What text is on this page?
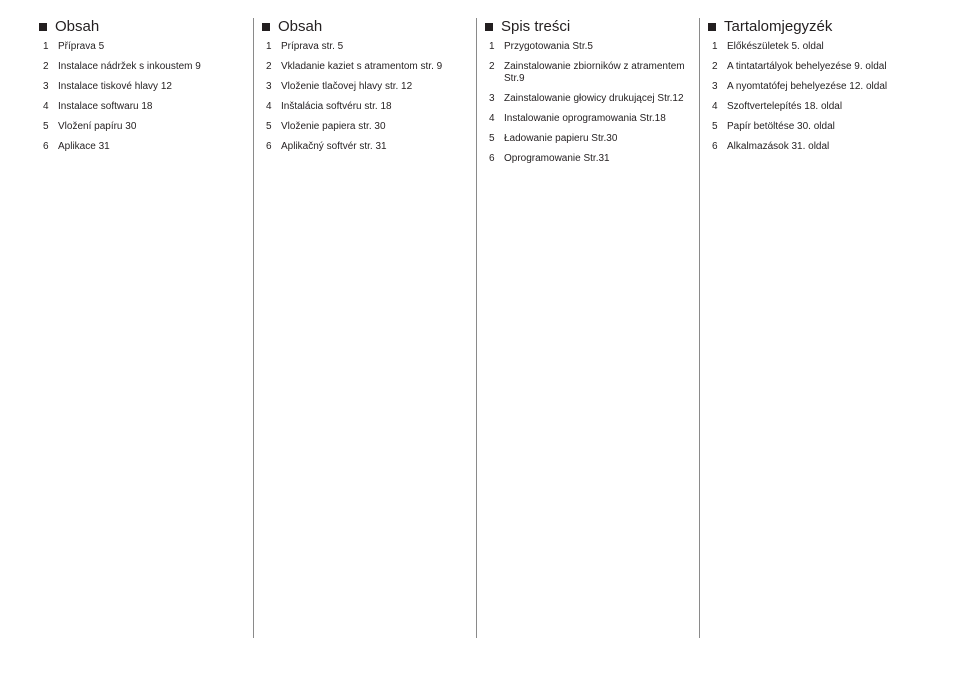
Obsah
1 Příprava 5
2 Instalace nádržek s inkoustem 9
3 Instalace tiskové hlavy 12
4 Instalace softwaru 18
5 Vložení papíru 30
6 Aplikace 31
Obsah
1 Príprava str. 5
2 Vkladanie kaziet s atramentom str. 9
3 Vloženie tlačovej hlavy str. 12
4 Inštalácia softvéru str. 18
5 Vloženie papiera str. 30
6 Aplikačný softvér str. 31
Spis treści
1 Przygotowania Str.5
2 Zainstalowanie zbiorników z atramentem Str.9
3 Zainstalowanie głowicy drukującej Str.12
4 Instalowanie oprogramowania Str.18
5 Ładowanie papieru Str.30
6 Oprogramowanie Str.31
Tartalomjegyzék
1 Előkészületek 5. oldal
2 A tintatartályok behelyezése 9. oldal
3 A nyomtatófej behelyezése 12. oldal
4 Szoftvertelepítés 18. oldal
5 Papír betöltése 30. oldal
6 Alkalmazások 31. oldal
